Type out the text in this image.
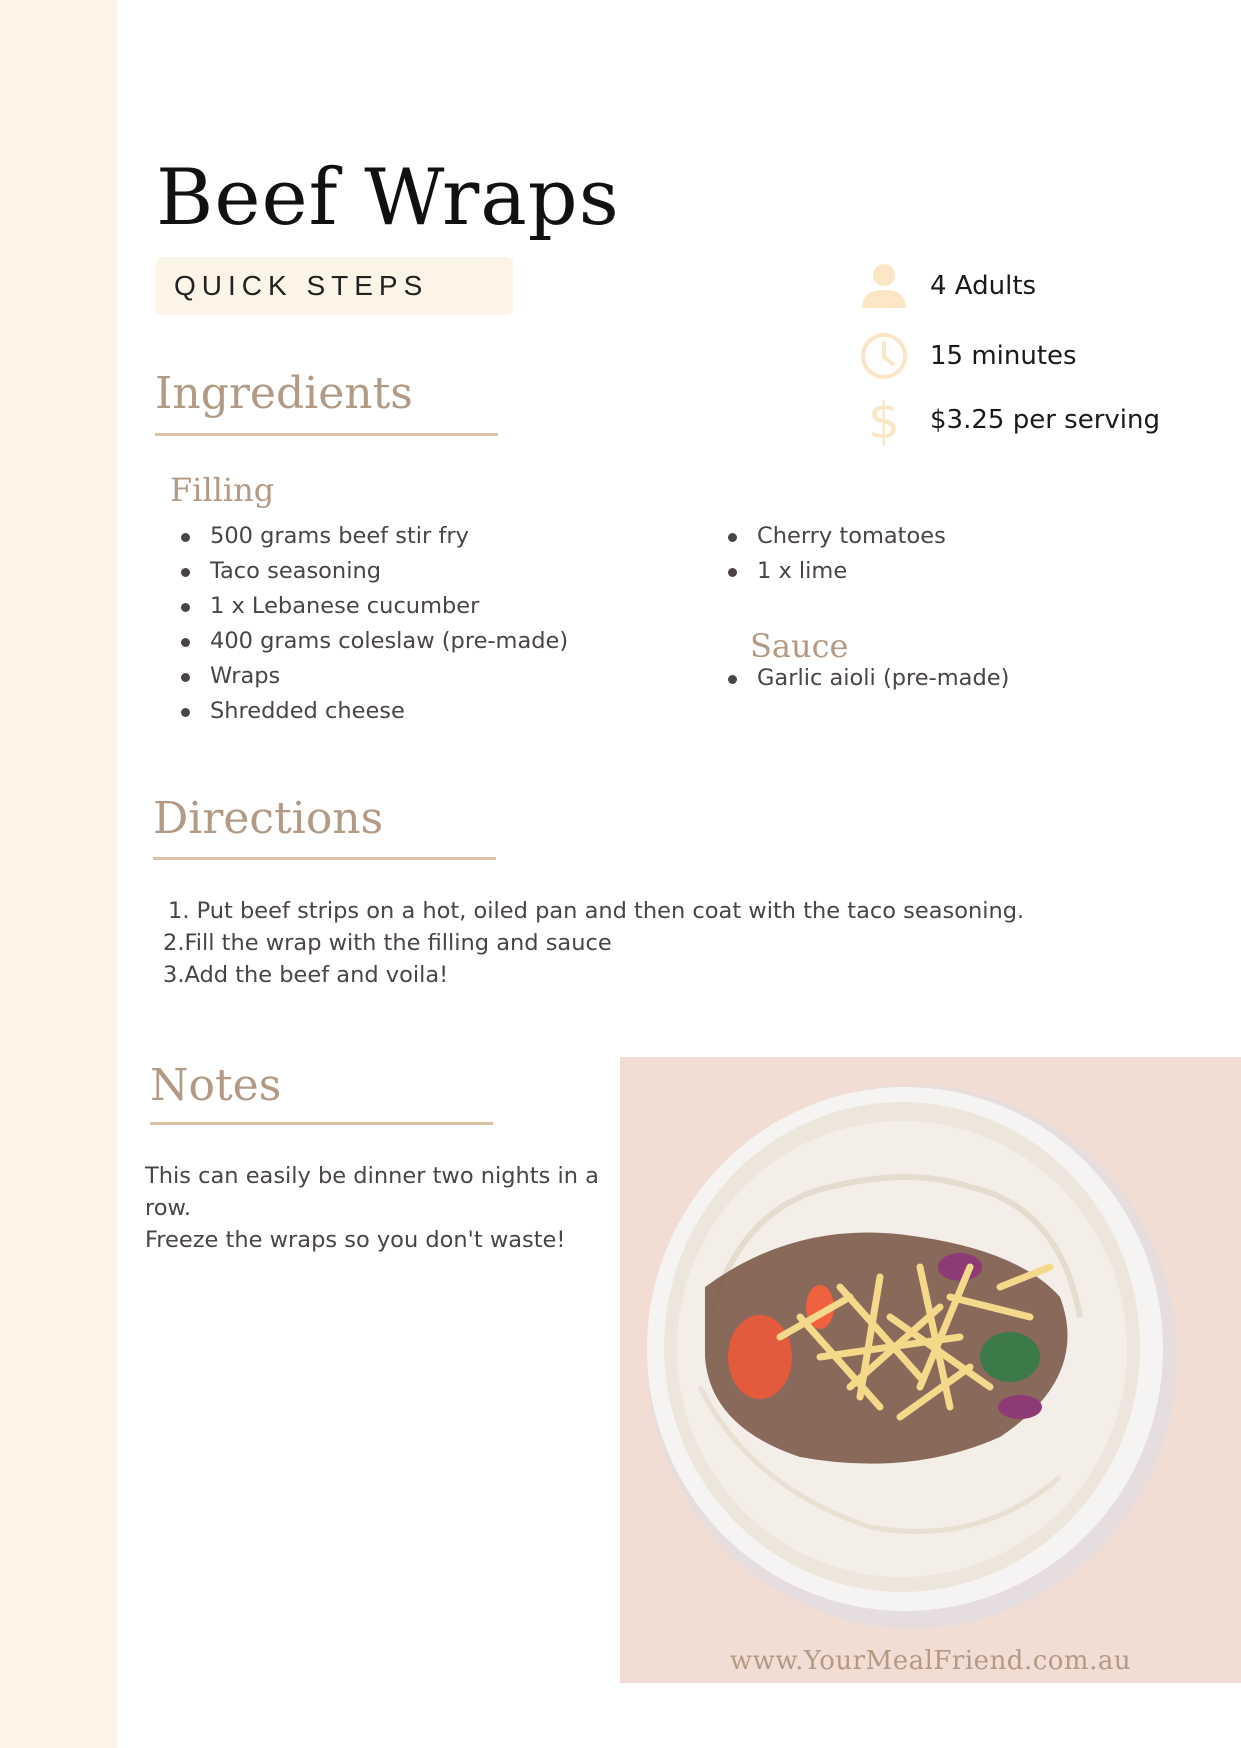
Beef Wraps
QUICK STEPS	4 Adults
15 minutes
$ $3.25 per serving
Ingredients
Filling
500 grams beef stir fry
Taco seasoning
1 x Lebanese cucumber
400 grams coleslaw (pre-made)
Wraps
Shredded cheese
Cherry tomatoes
1 x lime
Sauce
Garlic aioli (pre-made)
Directions
1. Put beef strips on a hot, oiled pan and then coat with the taco seasoning.
2.Fill the wrap with the filling and sauce
3.Add the beef and voila!
Notes

This can easily be dinner two nights in a row.

Freeze the wraps so you don't waste!

www.YourMealFriend.com.au
